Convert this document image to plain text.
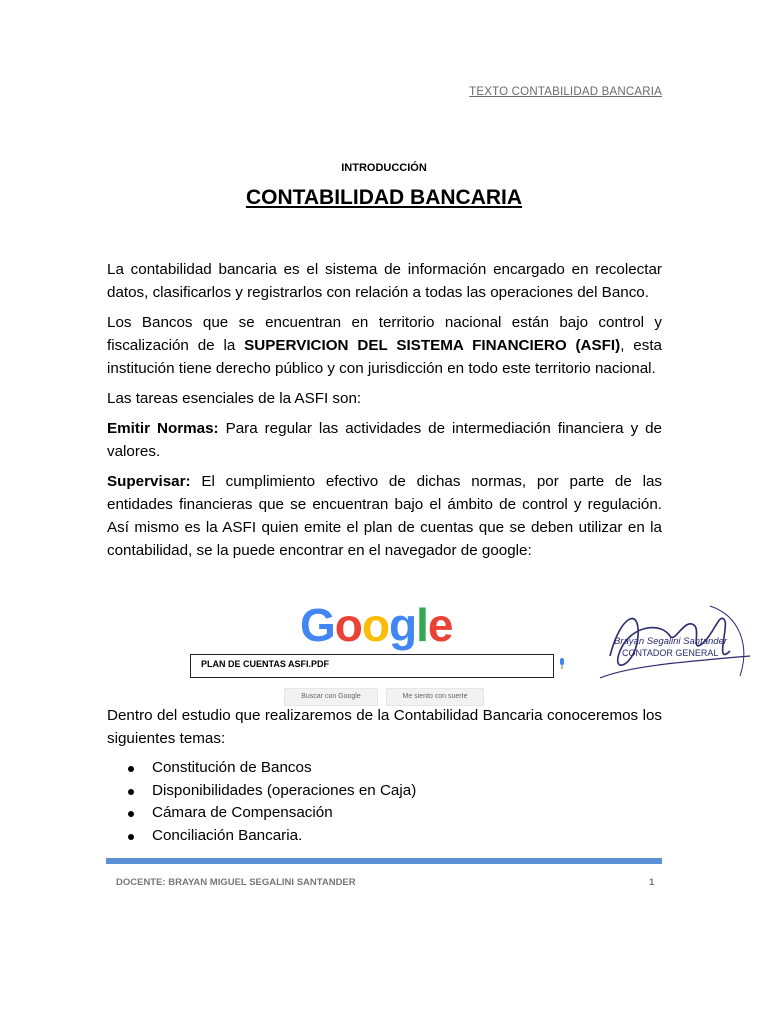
TEXTO CONTABILIDAD BANCARIA
INTRODUCCIÓN
CONTABILIDAD BANCARIA

La contabilidad bancaria es el sistema de información encargado en recolectar datos, clasificarlos y registrarlos con relación a todas las operaciones del Banco.

Los Bancos que se encuentran en territorio nacional están bajo control y fiscalización de la SUPERVICION DEL SISTEMA FINANCIERO (ASFI), esta institución tiene derecho público y con jurisdicción en todo este territorio nacional.

Las tareas esenciales de la ASFI son:

Emitir Normas: Para regular las actividades de intermediación financiera y de valores.

Supervisar: El cumplimiento efectivo de dichas normas, por parte de las entidades financieras que se encuentran bajo el ámbito de control y regulación. Así mismo es la ASFI quien emite el plan de cuentas que se deben utilizar en la contabilidad, se la puede encontrar en el navegador de google:

Google
PLAN DE CUENTAS ASFI.PDF
Buscar con Google	Me siento con suerte
Brayan Segalini Santander
CONTADOR GENERAL

Dentro del estudio que realizaremos de la Contabilidad Bancaria conoceremos los siguientes temas:

Constitución de Bancos
Disponibilidades (operaciones en Caja)
Cámara de Compensación
Conciliación Bancaria.
DOCENTE: BRAYAN MIGUEL SEGALINI SANTANDER	1
